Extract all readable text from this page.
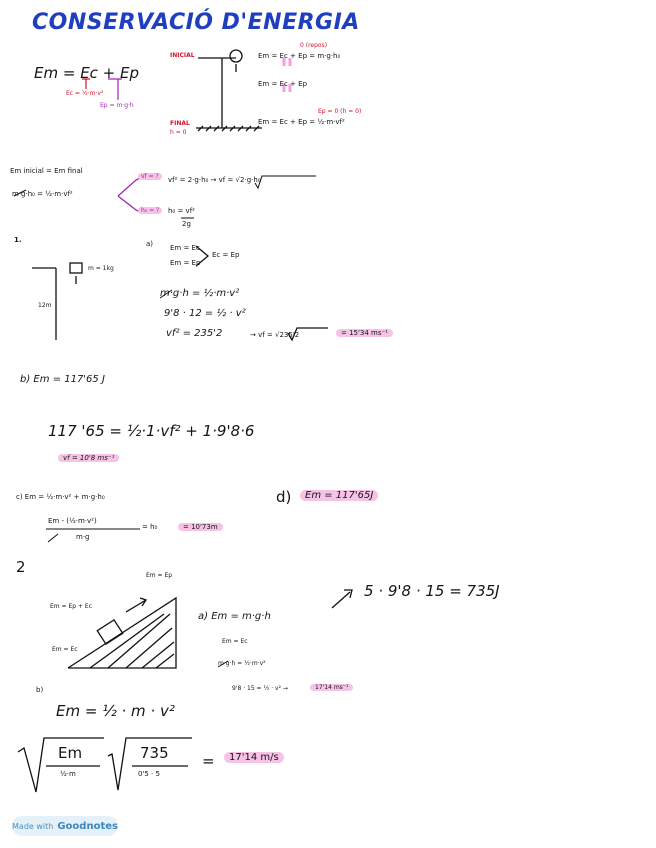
CONSERVACIÓ D'ENERGIA
Em = Ec + Ep
Ec = ½·m·v²
Ep = m·g·h
INICIAL
FINAL
h = 0
0 (repos)
Em = Ec + Ep = m·g·h₀
Em = Ec + Ep
Ep = 0 (h = 0)
Em = Ec + Ep = ½·m·vf²
Em inicial = Em final
m·g·h₀ = ½·m·vf²
vf = ?
h₀ = ?
vf² = 2·g·h₀ → vf = √2·g·h₀
h₀ = vf²
2g
1.
m = 1kg
12m
a) Em = Ec
Em = Ep
Ec = Ep
m·g·h = ½·m·v²
9'8 · 12 = ½ · v²
vf² = 235'2	→ vf = √235'2	= 15'34 ms⁻¹
b) Em = 117'65 J
117 '65 = ½·1·vf² + 1·9'8·6
vf = 10'8 ms⁻¹
c) Em = ½·m·v² + m·g·h₀
Em - (½·m·v²)
m·g
= h₀	= 10'73m
d)	Em = 117'65J
2	Em = Ep
Em = Ep + Ec
Em = Ec
5 · 9'8 · 15 = 735J
a) Em = m·g·h
Em = Ec
m·g·h = ½·m·v²
9'8 · 15 = ½ · v² →	17'14 ms⁻¹
b)
Em = ½ · m · v²
Em
½·m
735
0'5 · 5
=	17'14 m/s
Made with Goodnotes
